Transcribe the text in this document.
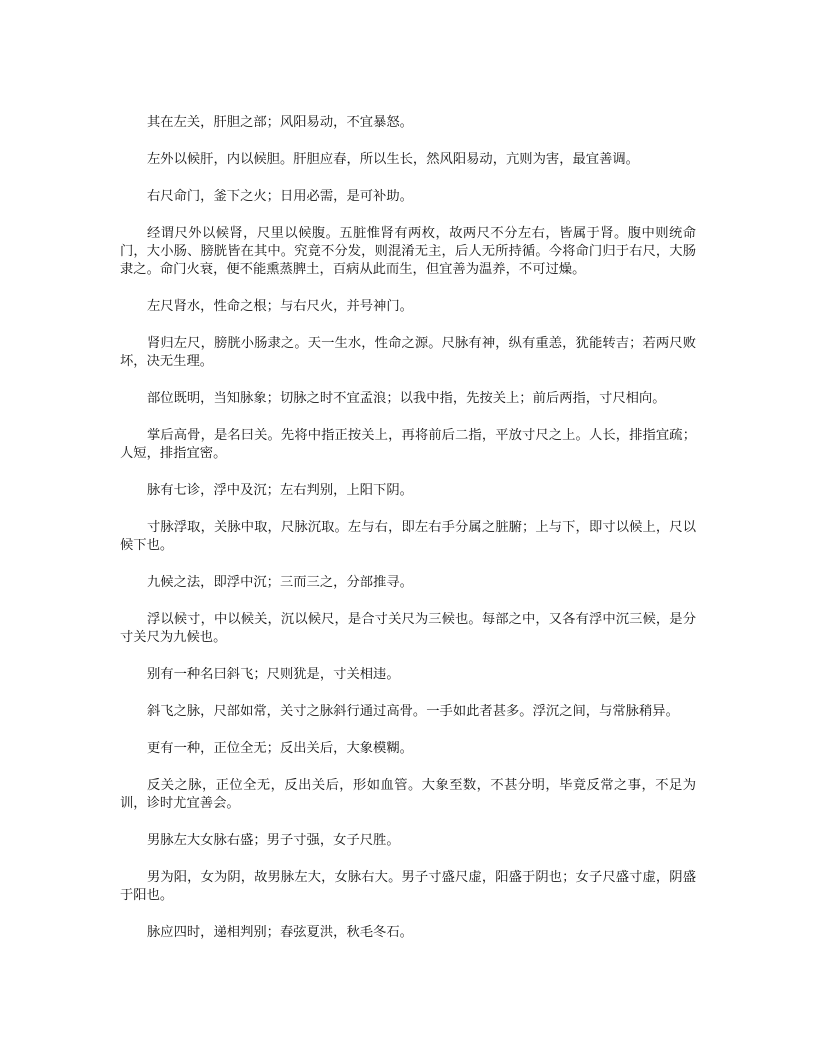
其在左关，肝胆之部；风阳易动，不宜暴怒。

左外以候肝，内以候胆。肝胆应春，所以生长，然风阳易动，亢则为害，最宜善调。

右尺命门，釜下之火；日用必需，是可补助。

经谓尺外以候肾，尺里以候腹。五脏惟肾有两枚，故两尺不分左右，皆属于肾。腹中则统命门，大小肠、膀胱皆在其中。究竟不分发，则混淆无主，后人无所持循。今将命门归于右尺，大肠隶之。命门火衰，便不能熏蒸脾土，百病从此而生，但宜善为温养，不可过燥。

左尺肾水，性命之根；与右尺火，并号神门。

肾归左尺，膀胱小肠隶之。天一生水，性命之源。尺脉有神，纵有重恙，犹能转吉；若两尺败坏，决无生理。

部位既明，当知脉象；切脉之时不宜孟浪；以我中指，先按关上；前后两指，寸尺相向。

掌后高骨，是名曰关。先将中指正按关上，再将前后二指，平放寸尺之上。人长，排指宜疏；人短，排指宜密。

脉有七诊，浮中及沉；左右判别，上阳下阴。

寸脉浮取，关脉中取，尺脉沉取。左与右，即左右手分属之脏腑；上与下，即寸以候上，尺以候下也。

九候之法，即浮中沉；三而三之，分部推寻。

浮以候寸，中以候关，沉以候尺，是合寸关尺为三候也。每部之中，又各有浮中沉三候，是分寸关尺为九候也。

别有一种名曰斜飞；尺则犹是，寸关相违。

斜飞之脉，尺部如常，关寸之脉斜行通过高骨。一手如此者甚多。浮沉之间，与常脉稍异。

更有一种，正位全无；反出关后，大象模糊。

反关之脉，正位全无，反出关后，形如血管。大象至数，不甚分明，毕竟反常之事，不足为训，诊时尤宜善会。

男脉左大女脉右盛；男子寸强，女子尺胜。

男为阳，女为阴，故男脉左大，女脉右大。男子寸盛尺虚，阳盛于阴也；女子尺盛寸虚，阴盛于阳也。

脉应四时，递相判别；春弦夏洪，秋毛冬石。
